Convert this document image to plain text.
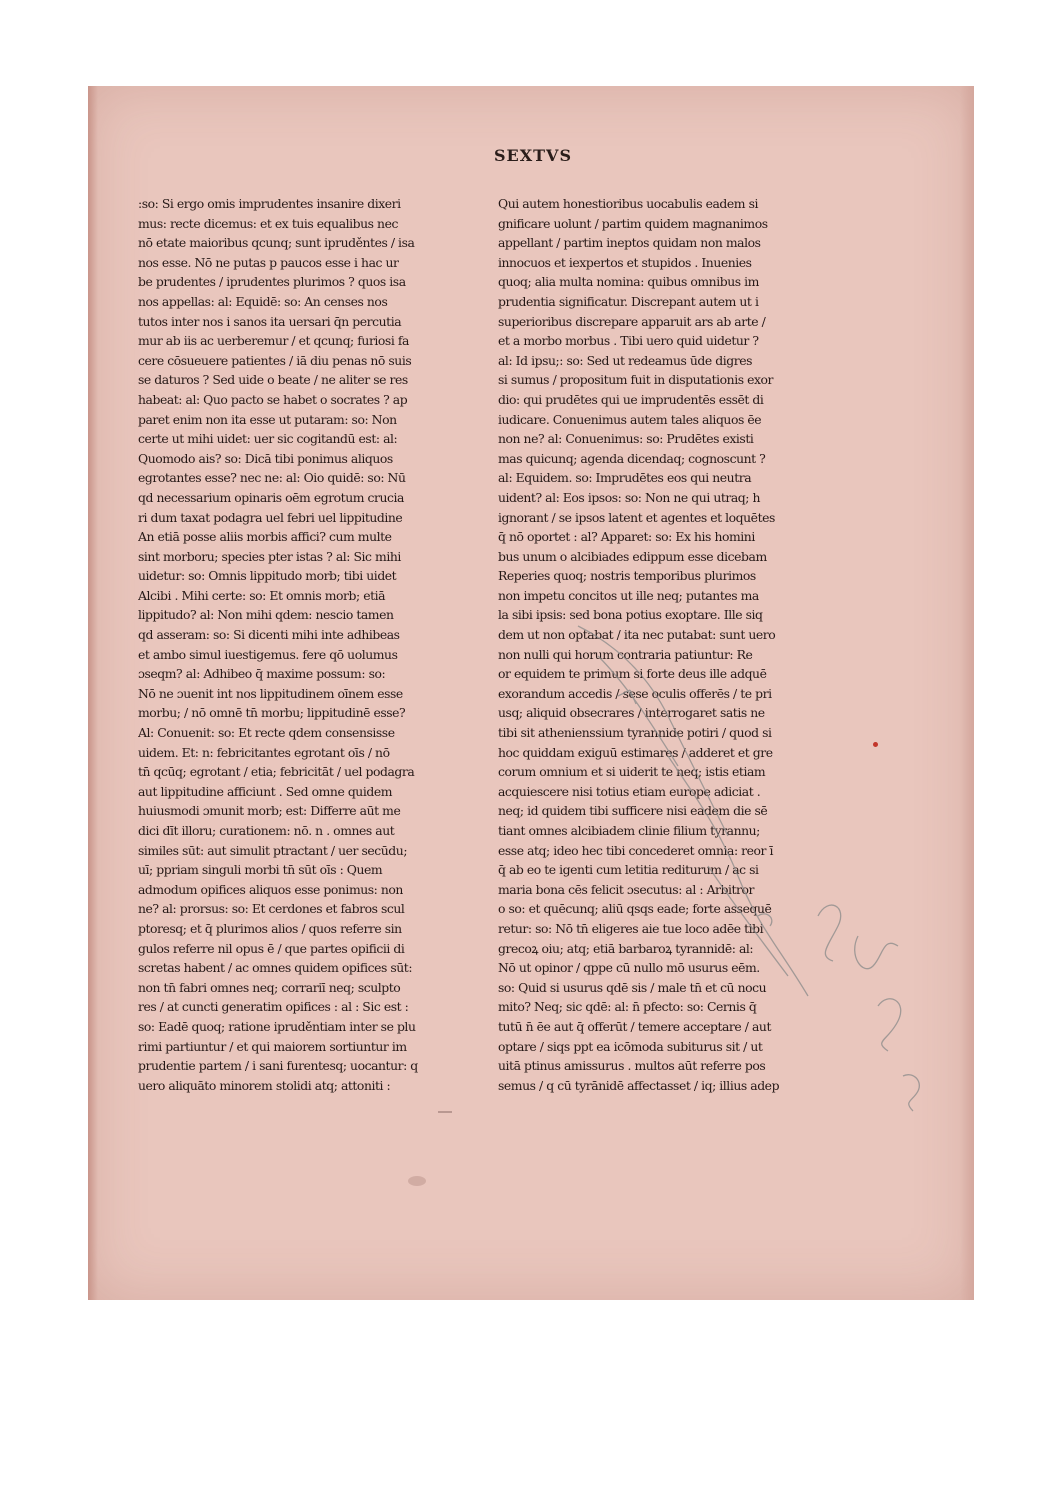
SEXTVS
:so: Si ergo omis imprudentes insanire dixeri
mus: recte dicemus: et ex tuis equalibus nec
nō etate maioribus qcunq; sunt ipruděntes / isa
nos esse. Nō ne putas p paucos esse i hac ur
be prudentes / iprudentes plurimos ? quos isa
nos appellas: al: Equidē: so: An censes nos
tutos inter nos i sanos ita uersari q̄n percutia
mur ab iis ac uerberemur / et qcunq; furiosi fa
cere cōsueuere patientes / iā diu penas nō suis
se daturos ? Sed uide o beate / ne aliter se res
habeat: al: Quo pacto se habet o socrates ? ap
paret enim non ita esse ut putaram: so: Non
certe ut mihi uidet: uer sic cogitandū est: al:
Quomodo ais? so: Dicā tibi ponimus aliquos
egrotantes esse? nec ne: al: Oio quidē: so: Nū
qd necessarium opinaris oēm egrotum crucia
ri dum taxat podagra uel febri uel lippitudine
An etiā posse aliis morbis affici? cum multe
sint morboru; species pter istas ? al: Sic mihi
uidetur: so: Omnis lippitudo morb; tibi uidet
Alcibi . Mihi certe: so: Et omnis morb; etiā
lippitudo? al: Non mihi qdem: nescio tamen
qd asseram: so: Si dicenti mihi inte adhibeas
et ambo simul iuestigemus. fere qō uolumus
ɔseqm? al: Adhibeo q̄ maxime possum: so:
Nō ne ɔuenit int nos lippitudinem oīnem esse
morbu; / nō omnē tn̄ morbu; lippitudinē esse?
Al: Conuenit: so: Et recte qdem consensisse
uidem. Et: n: febricitantes egrotant oīs / nō
tn̄ qcūq; egrotant / etia; febricitāt / uel podagra
aut lippitudine afficiunt . Sed omne quidem
huiusmodi ɔmunit morb; est: Differre aūt me
dici dīt illoru; curationem: nō. n . omnes aut
similes sūt: aut simulit ptractant / uer secūdu;
uī; ppriam singuli morbi tn̄ sūt oīs : Quem
admodum opifices aliquos esse ponimus: non
ne? al: prorsus: so: Et cerdones et fabros scul
ptoresq; et q̄ plurimos alios / quos referre sin
gulos referre nil opus ē / que partes opificii di
scretas habent / ac omnes quidem opifices sūt:
non tn̄ fabri omnes neq; corrariī neq; sculpto
res / at cuncti generatim opifices : al : Sic est :
so: Eadē quoq; ratione ipruděntiam inter se plu
rimi partiuntur / et qui maiorem sortiuntur im
prudentie partem / i sani furentesq; uocantur: q
uero aliquāto minorem stolidi atq; attoniti :
Qui autem honestioribus uocabulis eadem si
gnificare uolunt / partim quidem magnanimos
appellant / partim ineptos quidam non malos
innocuos et iexpertos et stupidos . Inuenies
quoq; alia multa nomina: quibus omnibus im
prudentia significatur. Discrepant autem ut i
superioribus discrepare apparuit ars ab arte /
et a morbo morbus . Tibi uero quid uidetur ?
al: Id ipsu;: so: Sed ut redeamus ūde digres
si sumus / propositum fuit in disputationis exor
dio: qui prudētes qui ue imprudentēs essēt di
iudicare. Conuenimus autem tales aliquos ēe
non ne? al: Conuenimus: so: Prudētes existi
mas quicunq; agenda dicendaq; cognoscunt ?
al: Equidem. so: Imprudētes eos qui neutra
uident? al: Eos ipsos: so: Non ne qui utraq; h
ignorant / se ipsos latent et agentes et loquētes
q̄ nō oportet : al? Apparet: so: Ex his homini
bus unum o alcibiades edippum esse dicebam
Reperies quoq; nostris temporibus plurimos
non impetu concitos ut ille neq; putantes ma
la sibi ipsis: sed bona potius exoptare. Ille siq
dem ut non optabat / ita nec putabat: sunt uero
non nulli qui horum contraria patiuntur: Re
or equidem te primum si forte deus ille adquē
exorandum accedis / sese oculis offerēs / te pri
usq; aliquid obsecrares / interrogaret satis ne
tibi sit athenienssium tyrannide potiri / quod si
hoc quiddam exiguū estimares / adderet et gre
corum omnium et si uiderit te neq; istis etiam
acquiescere nisi totius etiam europe adiciat .
neq; id quidem tibi sufficere nisi eadem die sē
tiant omnes alcibiadem clinie filium tyrannu;
esse atq; ideo hec tibi concederet omnia: reor ī
q̄ ab eo te igenti cum letitia rediturum / ac si
maria bona cēs felicit ɔsecutus: al : Arbitror
o so: et quēcunq; aliū qsqs eade; forte assequē
retur: so: Nō tn̄ eligeres aie tue loco adēe tibi
grecoꝝ oiu; atq; etiā barbaroꝝ tyrannidē: al:
Nō ut opinor / qppe cū nullo mō usurus eēm.
so: Quid si usurus qdē sis / male tn̄ et cū nocu
mito? Neq; sic qdē: al: n̄ pfecto: so: Cernis q̄
tutū n̄ ēe aut q̄ offerūt / temere acceptare / aut
optare / siqs ppt ea icōmoda subiturus sit / ut
uitā ptinus amissurus . multos aūt referre pos
semus / q cū tyrānidē affectasset / iq; illius adep
